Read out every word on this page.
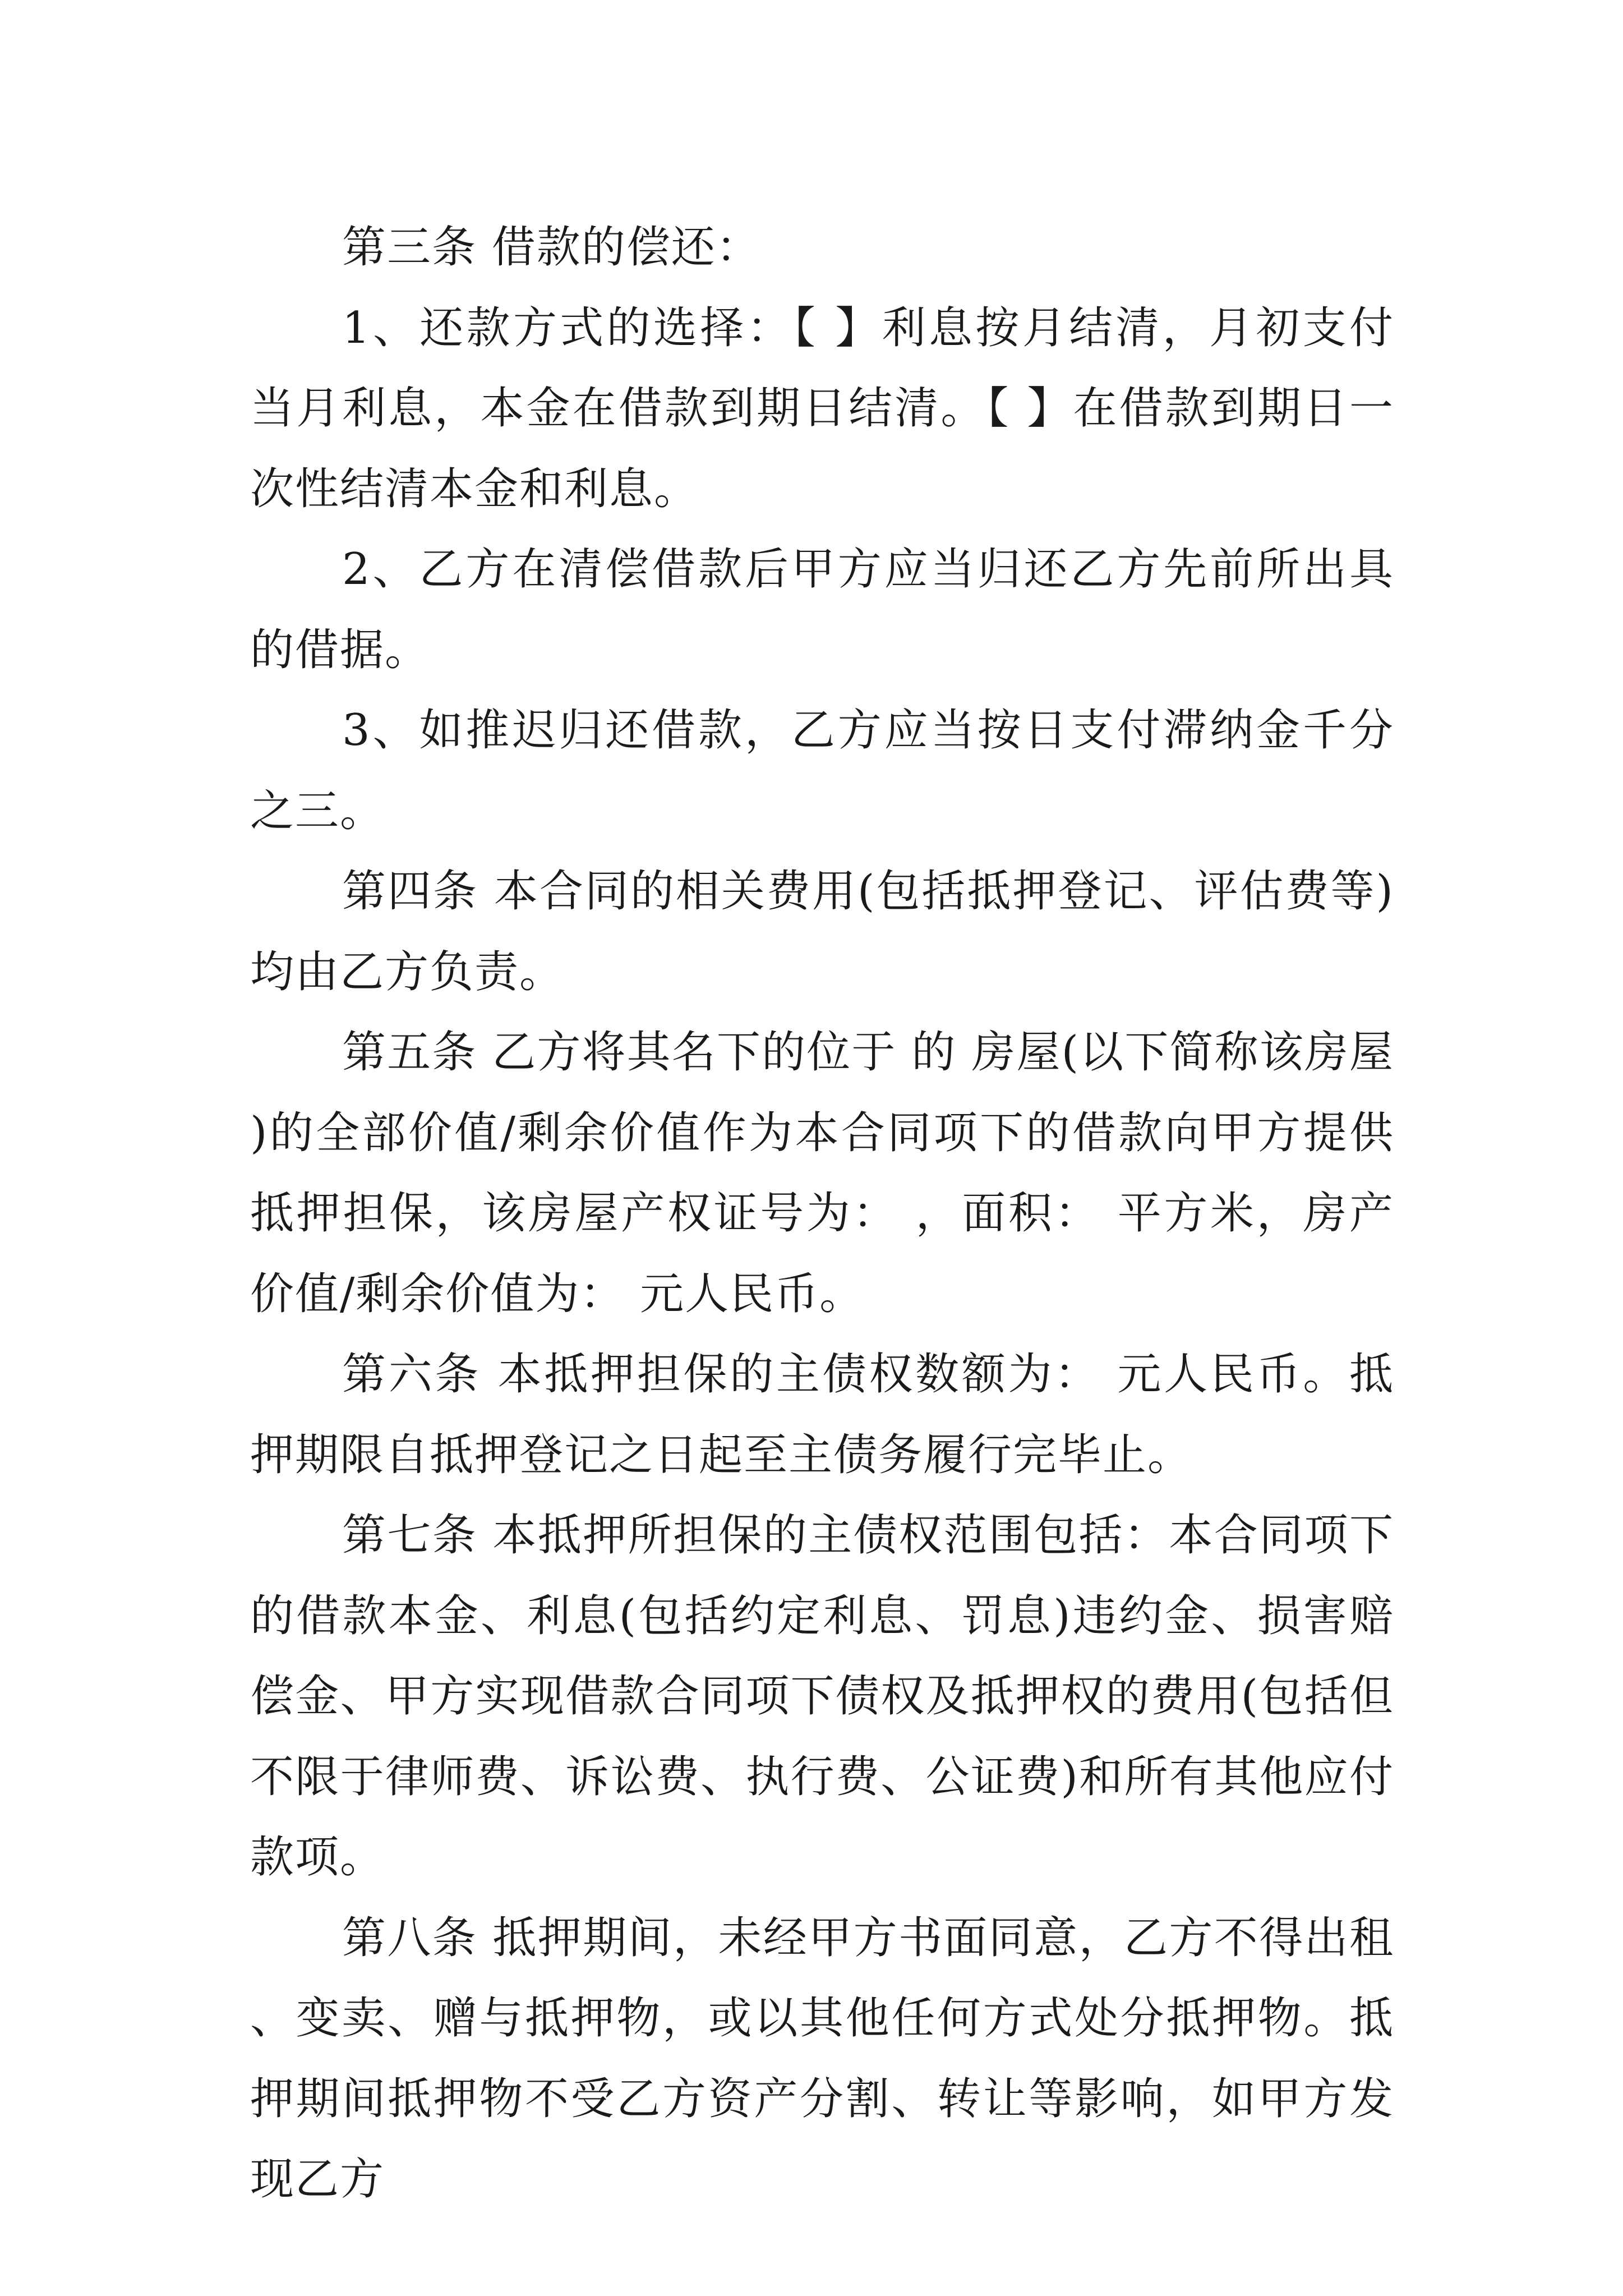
第三条 借款的偿还：

1、还款方式的选择：【 】利息按月结清，月初支付当月利息，本金在借款到期日结清。【 】在借款到期日一次性结清本金和利息。

2、乙方在清偿借款后甲方应当归还乙方先前所出具的借据。

3、如推迟归还借款，乙方应当按日支付滞纳金千分之三。

第四条 本合同的相关费用(包括抵押登记、评估费等)均由乙方负责。

第五条 乙方将其名下的位于 的 房屋(以下简称该房屋)的全部价值/剩余价值作为本合同项下的借款向甲方提供抵押担保，该房屋产权证号为： ，面积： 平方米，房产价值/剩余价值为： 元人民币。

第六条 本抵押担保的主债权数额为： 元人民币。抵押期限自抵押登记之日起至主债务履行完毕止。

第七条 本抵押所担保的主债权范围包括：本合同项下的借款本金、利息(包括约定利息、罚息)违约金、损害赔偿金、甲方实现借款合同项下债权及抵押权的费用(包括但不限于律师费、诉讼费、执行费、公证费)和所有其他应付款项。

第八条 抵押期间，未经甲方书面同意，乙方不得出租、变卖、赠与抵押物，或以其他任何方式处分抵押物。抵押期间抵押物不受乙方资产分割、转让等影响，如甲方发现乙方
